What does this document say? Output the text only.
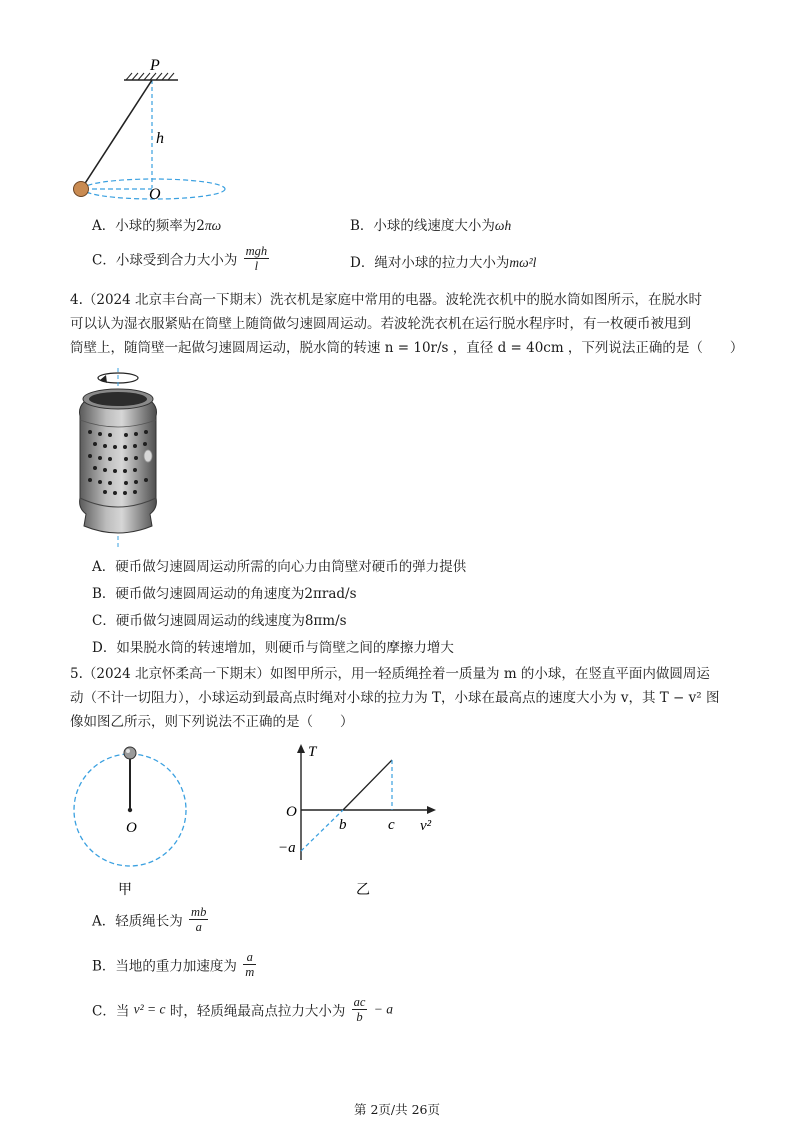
P
h
O
A．小球的频率为2πω	B．小球的线速度大小为ωh
C．小球受到合力大小为 $\frac{\text{mgh}}{l}$	D．绳对小球的拉力大小为mω²l

4.（2024 北京丰台高一下期末）洗衣机是家庭中常用的电器。波轮洗衣机中的脱水筒如图所示，在脱水时

可以认为湿衣服紧贴在筒壁上随筒做匀速圆周运动。若波轮洗衣机在运行脱水程序时，有一枚硬币被甩到

筒壁上，随筒壁一起做匀速圆周运动，脱水筒的转速 n = 10r/s ，直径 d = 40cm ，下列说法正确的是（　　）

A．硬币做匀速圆周运动所需的向心力由筒壁对硬币的弹力提供
B．硬币做匀速圆周运动的角速度为2πrad/s
C．硬币做匀速圆周运动的线速度为8πm/s
D．如果脱水筒的转速增加，则硬币与筒壁之间的摩擦力增大

5.（2024 北京怀柔高一下期末）如图甲所示，用一轻质绳拴着一质量为 m 的小球，在竖直平面内做圆周运

动（不计一切阻力），小球运动到最高点时绳对小球的拉力为 T，小球在最高点的速度大小为 v，其 T − v² 图

像如图乙所示，则下列说法不正确的是（　　）

O
甲
T
O
b	c v²
−a
乙
A．轻质绳长为 $\frac{mb}{a}$
B．当地的重力加速度为 $\frac{a}{m}$
C．当 v² = c 时，轻质绳最高点拉力大小为 $\frac{ac}{b} - a$
第 2页/共 26页
